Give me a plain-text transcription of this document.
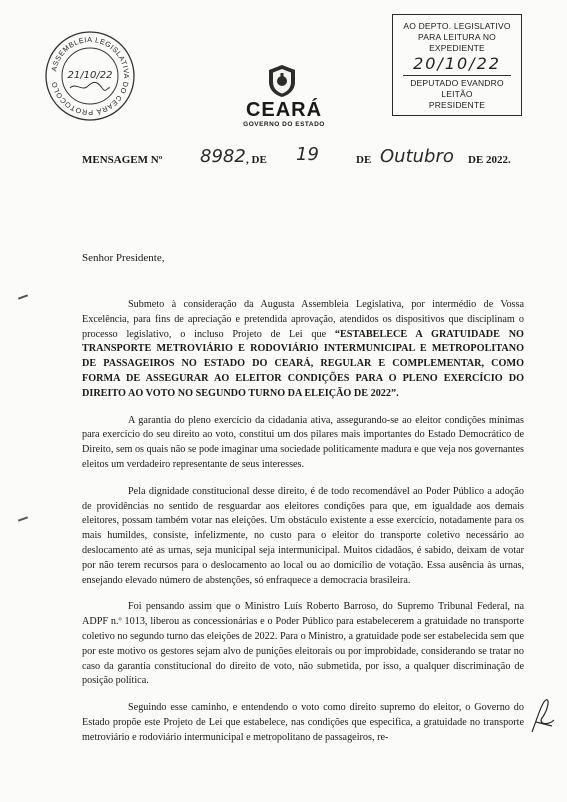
ASSEMBLEIA LEGISLATIVA DO CEARÁ PROTOCOLO
21/10/22
AO DEPTO. LEGISLATIVO
PARA LEITURA NO EXPEDIENTE
20/10/22
DEPUTADO EVANDRO LEITÃO
PRESIDENTE
CEARÁ
GOVERNO DO ESTADO
MENSAGEM Nº 8982 , DE 19	DE Outubro DE 2022.
Senhor Presidente,

Submeto à consideração da Augusta Assembleia Legislativa, por intermédio de Vossa Excelência, para fins de apreciação e pretendida aprovação, atendidos os dispositivos que disciplinam o processo legislativo, o incluso Projeto de Lei que “ESTABELECE A GRATUIDADE NO TRANSPORTE METROVIÁRIO E RODOVIÁRIO INTERMUNICIPAL E METROPOLITANO DE PASSAGEIROS NO ESTADO DO CEARÁ, REGULAR E COMPLEMENTAR, COMO FORMA DE ASSEGURAR AO ELEITOR CONDIÇÕES PARA O PLENO EXERCÍCIO DO DIREITO AO VOTO NO SEGUNDO TURNO DA ELEIÇÃO DE 2022”.

A garantia do pleno exercício da cidadania ativa, assegurando-se ao eleitor condições mínimas para exercício do seu direito ao voto, constitui um dos pilares mais importantes do Estado Democrático de Direito, sem os quais não se pode imaginar uma sociedade politicamente madura e que veja nos governantes eleitos um verdadeiro representante de seus interesses.

Pela dignidade constitucional desse direito, é de todo recomendável ao Poder Público a adoção de providências no sentido de resguardar aos eleitores condições para que, em igualdade aos demais eleitores, possam também votar nas eleições. Um obstáculo existente a esse exercício, notadamente para os mais humildes, consiste, infelizmente, no custo para o eleitor do transporte coletivo necessário ao deslocamento até as urnas, seja municipal seja intermunicipal. Muitos cidadãos, é sabido, deixam de votar por não terem recursos para o deslocamento ao local ou ao domicílio de votação. Essa ausência às urnas, ensejando elevado número de abstenções, só enfraquece a democracia brasileira.

Foi pensando assim que o Ministro Luís Roberto Barroso, do Supremo Tribunal Federal, na ADPF n.º 1013, liberou as concessionárias e o Poder Público para estabelecerem a gratuidade no transporte coletivo no segundo turno das eleições de 2022. Para o Ministro, a gratuidade pode ser estabelecida sem que por este motivo os gestores sejam alvo de punições eleitorais ou por improbidade, considerando se tratar no caso da garantia constitucional do direito de voto, não submetida, por isso, a qualquer discriminação de posição política.

Seguindo esse caminho, e entendendo o voto como direito supremo do eleitor, o Governo do Estado propõe este Projeto de Lei que estabelece, nas condições que especifica, a gratuidade no transporte metroviário e rodoviário intermunicipal e metropolitano de passageiros, re-
